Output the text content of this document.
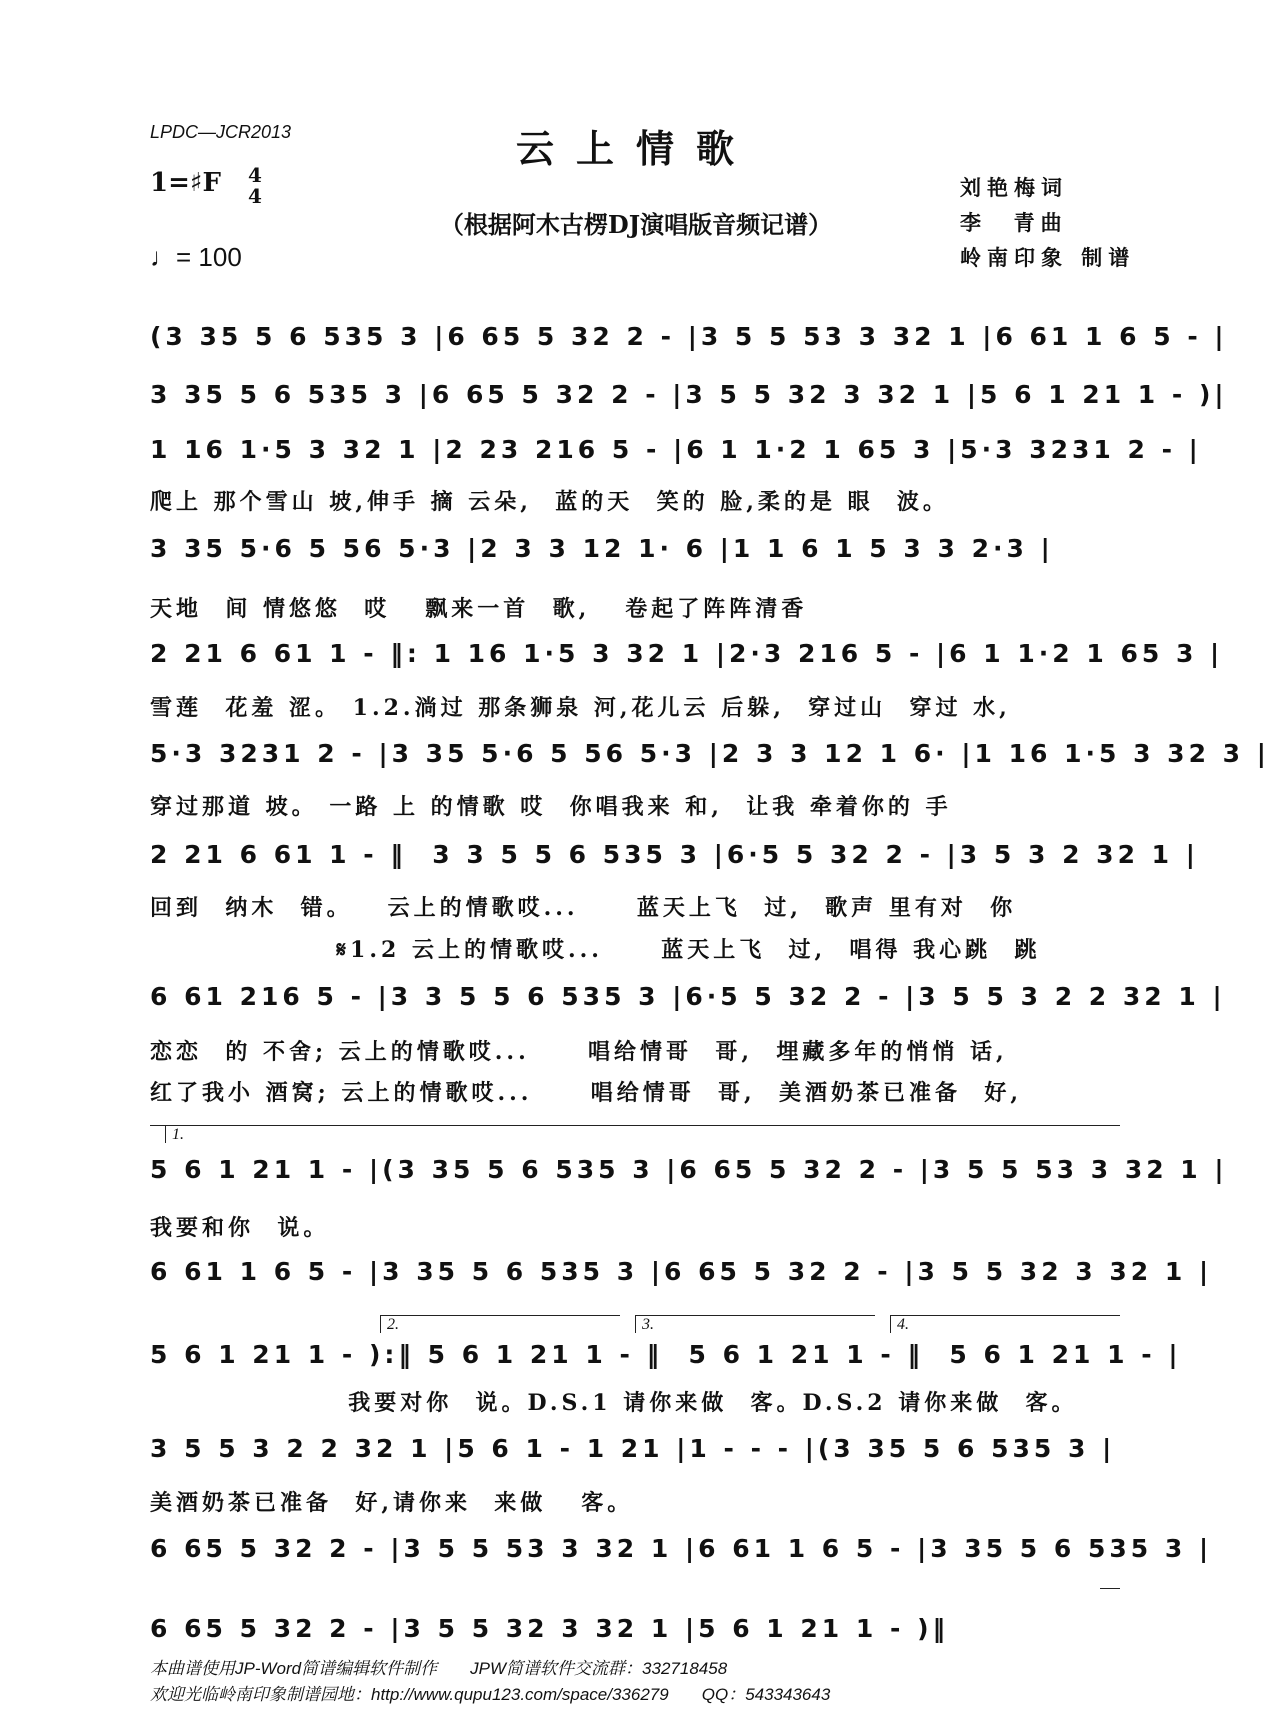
LPDC—JCR2013	云上情歌
1=♯F 4
4
（根据阿木古楞DJ演唱版音频记谱）
♩= 100
刘艳梅词
李  青曲
岭南印象 制谱
(3 35 5 6 535 3 |6 65 5 32 2 - |3 5 5 53 3 32 1 |6 61 1 6 5 - |
3 35 5 6 535 3 |6 65 5 32 2 - |3 5 5 32 3 32 1 |5 6 1 21 1 - )|
1 16 1·5 3 32 1 |2 23 216 5 - |6 1 1·2 1 65 3 |5·3 3231 2 - |
爬上 那个雪山 坡,伸手 摘 云朵,  蓝的天  笑的 脸,柔的是 眼  波。
3 35 5·6 5 56 5·3 |2 3 3 12 1· 6 |1 1 6 1 5 3 3 2·3 |
天地  间 情悠悠  哎   飘来一首  歌,   卷起了阵阵清香
2 21 6 61 1 - ‖: 1 16 1·5 3 32 1 |2·3 216 5 - |6 1 1·2 1 65 3 |
雪莲  花羞 涩。 1.2.淌过 那条狮泉 河,花儿云 后躲,  穿过山  穿过 水,
5·3 3231 2 - |3 35 5·6 5 56 5·3 |2 3 3 12 1 6· |1 16 1·5 3 32 3 |
穿过那道 坡。 一路 上 的情歌 哎  你唱我来 和,  让我 牵着你的 手
2 21 6 61 1 - ‖  3 3 5 5 6 535 3 |6·5 5 32 2 - |3 5 3 2 32 1 |
回到  纳木  错。   云上的情歌哎...     蓝天上飞  过,  歌声 里有对  你
𝄋1.2 云上的情歌哎...     蓝天上飞  过,  唱得 我心跳  跳
6 61 216 5 - |3 3 5 5 6 535 3 |6·5 5 32 2 - |3 5 5 3 2 2 32 1 |
恋恋  的 不舍; 云上的情歌哎...     唱给情哥  哥,  埋藏多年的悄悄 话,
红了我小 酒窝; 云上的情歌哎...     唱给情哥  哥,  美酒奶茶已准备  好,
1.
5 6 1 21 1 - |(3 35 5 6 535 3 |6 65 5 32 2 - |3 5 5 53 3 32 1 |
我要和你  说。
6 61 1 6 5 - |3 35 5 6 535 3 |6 65 5 32 2 - |3 5 5 32 3 32 1 |
2.	3.	4.
5 6 1 21 1 - ):‖ 5 6 1 21 1 - ‖  5 6 1 21 1 - ‖  5 6 1 21 1 - |
我要对你  说。D.S.1 请你来做  客。D.S.2 请你来做  客。
3 5 5 3 2 2 32 1 |5 6 1 - 1 21 |1 - - - |(3 35 5 6 535 3 |
美酒奶茶已准备  好,请你来  来做   客。
6 65 5 32 2 - |3 5 5 53 3 32 1 |6 61 1 6 5 - |3 35 5 6 535 3 |
6 65 5 32 2 - |3 5 5 32 3 32 1 |5 6 1 21 1 - )‖
本曲谱使用JP-Word简谱编辑软件制作       JPW简谱软件交流群：332718458
欢迎光临岭南印象制谱园地：http://www.qupu123.com/space/336279       QQ：543343643
